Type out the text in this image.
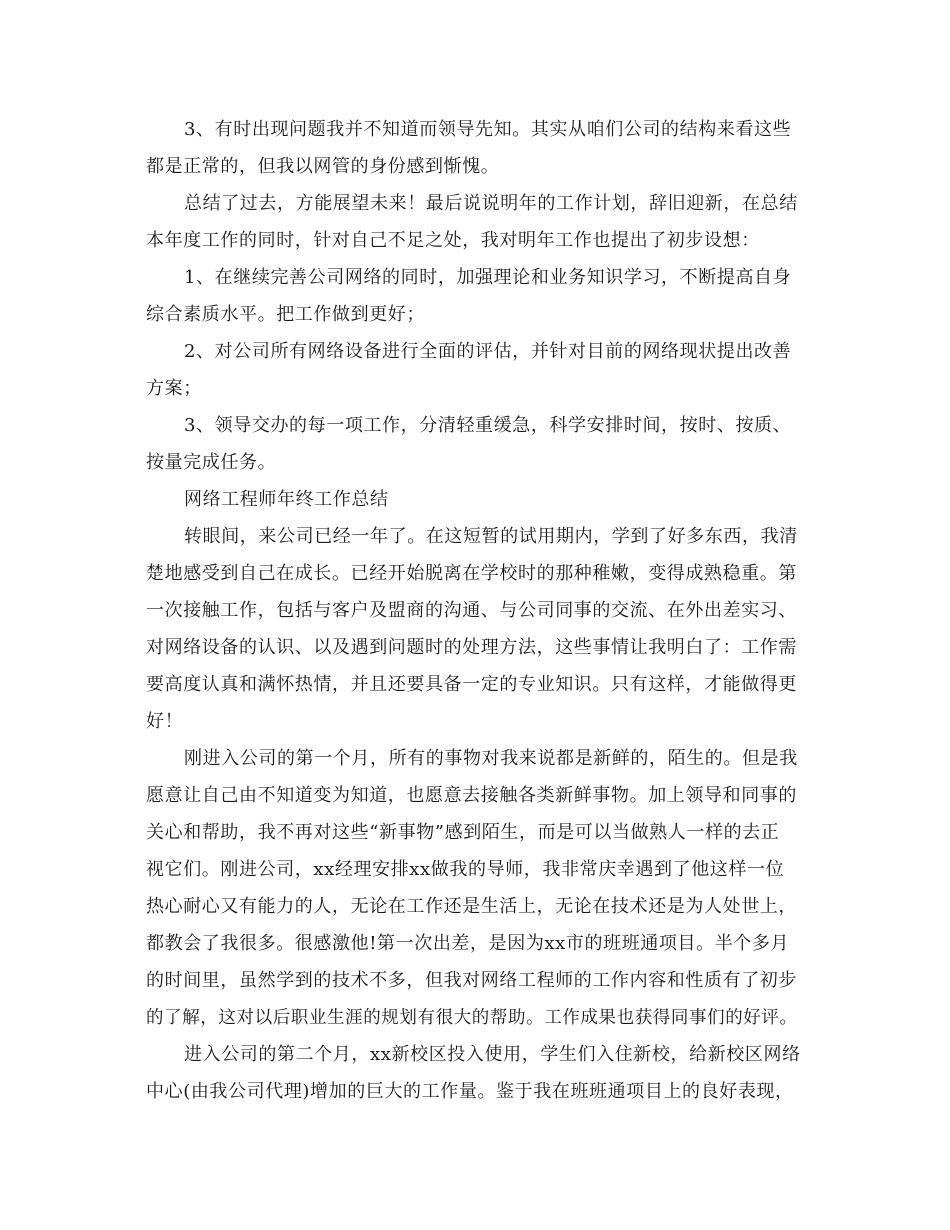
3、有时出现问题我并不知道而领导先知。其实从咱们公司的结构来看这些
都是正常的，但我以网管的身份感到惭愧。
总结了过去，方能展望未来！最后说说明年的工作计划，辞旧迎新，在总结
本年度工作的同时，针对自己不足之处，我对明年工作也提出了初步设想：
1、在继续完善公司网络的同时，加强理论和业务知识学习，不断提高自身
综合素质水平。把工作做到更好；
2、对公司所有网络设备进行全面的评估，并针对目前的网络现状提出改善
方案；
3、领导交办的每一项工作，分清轻重缓急，科学安排时间，按时、按质、
按量完成任务。
网络工程师年终工作总结
转眼间，来公司已经一年了。在这短暂的试用期内，学到了好多东西，我清
楚地感受到自己在成长。已经开始脱离在学校时的那种稚嫩，变得成熟稳重。第
一次接触工作，包括与客户及盟商的沟通、与公司同事的交流、在外出差实习、
对网络设备的认识、以及遇到问题时的处理方法，这些事情让我明白了：工作需
要高度认真和满怀热情，并且还要具备一定的专业知识。只有这样，才能做得更
好！
刚进入公司的第一个月，所有的事物对我来说都是新鲜的，陌生的。但是我
愿意让自己由不知道变为知道，也愿意去接触各类新鲜事物。加上领导和同事的
关心和帮助，我不再对这些“新事物”感到陌生，而是可以当做熟人一样的去正
视它们。刚进公司，xx经理安排xx做我的导师，我非常庆幸遇到了他这样一位
热心耐心又有能力的人，无论在工作还是生活上，无论在技术还是为人处世上，
都教会了我很多。很感激他!第一次出差，是因为xx市的班班通项目。半个多月
的时间里，虽然学到的技术不多，但我对网络工程师的工作内容和性质有了初步
的了解，这对以后职业生涯的规划有很大的帮助。工作成果也获得同事们的好评。
进入公司的第二个月，xx新校区投入使用，学生们入住新校，给新校区网络
中心(由我公司代理)增加的巨大的工作量。鉴于我在班班通项目上的良好表现，
